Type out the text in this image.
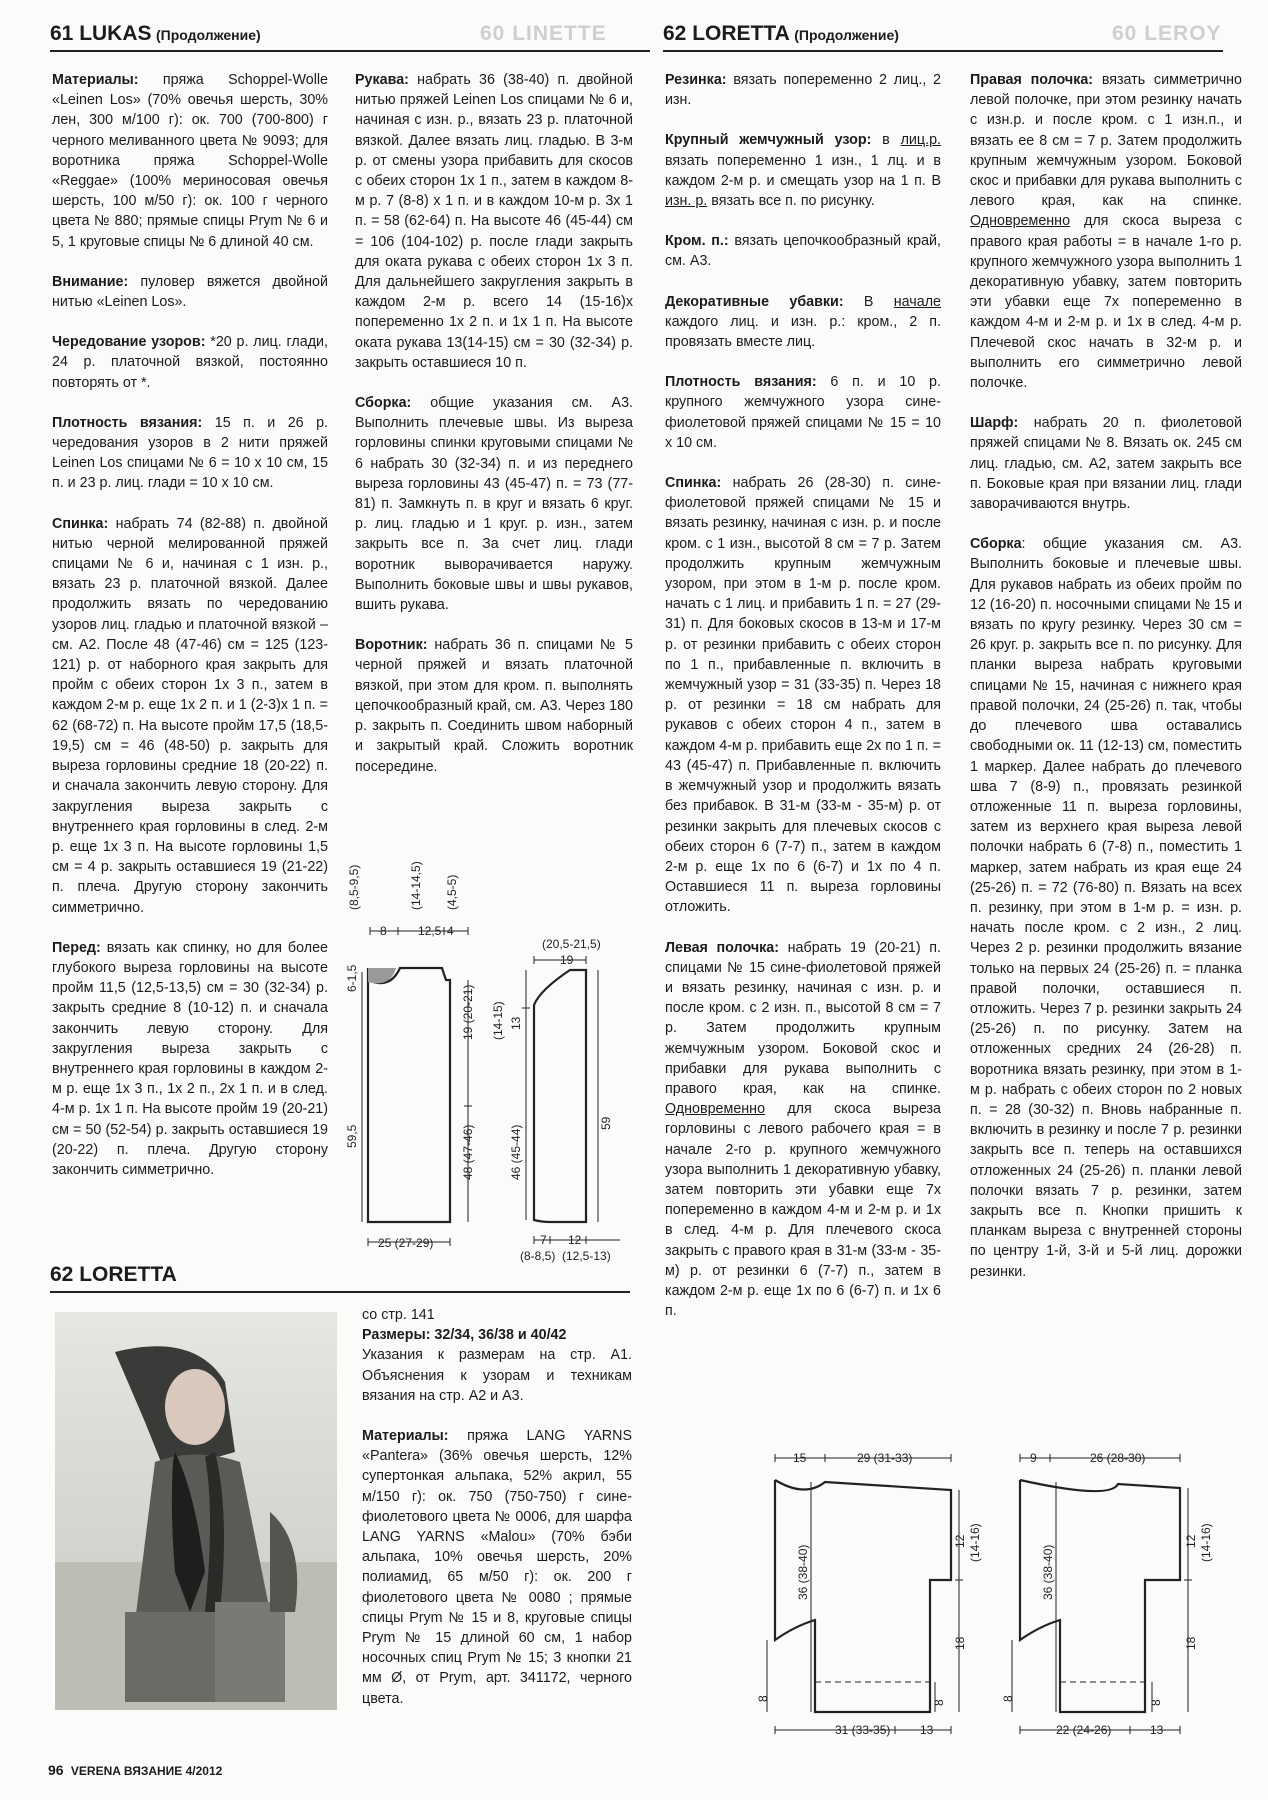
60 LINETTE	60 LEROY
61 LUKAS (Продолжение)	62 LORETTA (Продолжение)

Материалы: пряжа Schoppel-Wolle «Leinen Los» (70% овечья шерсть, 30% лен, 300 м/100 г): ок. 700 (700-800) г черного меливанного цвета № 9093; для воротника пряжа Schoppel-Wolle «Reggae» (100% мериносовая овечья шерсть, 100 м/50 г): ок. 100 г черного цвета № 880; прямые спицы Prym № 6 и 5, 1 круговые спицы № 6 длиной 40 см.

Внимание: пуловер вяжется двойной нитью «Leinen Los».

Чередование узоров: *20 р. лиц. глади, 24 р. платочной вязкой, постоянно повторять от *.

Плотность вязания: 15 п. и 26 р. чередования узоров в 2 нити пряжей Leinen Los спицами № 6 = 10 х 10 см, 15 п. и 23 р. лиц. глади = 10 х 10 см.

Спинка: набрать 74 (82-88) п. двойной нитью черной мелированной пряжей спицами № 6 и, начиная с 1 изн. р., вязать 23 р. платочной вязкой. Далее продолжить вязать по чередованию узоров лиц. гладью и платочной вязкой – см. А2. После 48 (47-46) см = 125 (123-121) р. от наборного края закрыть для пройм с обеих сторон 1х 3 п., затем в каждом 2-м р. еще 1х 2 п. и 1 (2-3)х 1 п. = 62 (68-72) п. На высоте пройм 17,5 (18,5-19,5) см = 46 (48-50) р. закрыть для выреза горловины средние 18 (20-22) п. и сначала закончить левую сторону. Для закругления выреза закрыть с внутреннего края горловины в след. 2-м р. еще 1х 3 п. На высоте горловины 1,5 см = 4 р. закрыть оставшиеся 19 (21-22) п. плеча. Другую сторону закончить симметрично.

Перед: вязать как спинку, но для более глубокого выреза горловины на высоте пройм 11,5 (12,5-13,5) см = 30 (32-34) р. закрыть средние 8 (10-12) п. и сначала закончить левую сторону. Для закругления выреза закрыть с внутреннего края горловины в каждом 2-м р. еще 1х 3 п., 1х 2 п., 2х 1 п. и в след. 4-м р. 1х 1 п. На высоте пройм 19 (20-21) см = 50 (52-54) р. закрыть оставшиеся 19 (20-22) п. плеча. Другую сторону закончить симметрично.

Рукава: набрать 36 (38-40) п. двойной нитью пряжей Leinen Los спицами № 6 и, начиная с изн. р., вязать 23 р. платочной вязкой. Далее вязать лиц. гладью. В 3-м р. от смены узора прибавить для скосов с обеих сторон 1х 1 п., затем в каждом 8-м р. 7 (8-8) х 1 п. и в каждом 10-м р. 3х 1 п. = 58 (62-64) п. На высоте 46 (45-44) см = 106 (104-102) р. после глади закрыть для оката рукава с обеих сторон 1х 3 п. Для дальнейшего закругления закрыть в каждом 2-м р. всего 14 (15-16)х попеременно 1х 2 п. и 1х 1 п. На высоте оката рукава 13(14-15) см = 30 (32-34) р. закрыть оставшиеся 10 п.

Сборка: общие указания см. А3. Выполнить плечевые швы. Из выреза горловины спинки круговыми спицами № 6 набрать 30 (32-34) п. и из переднего выреза горловины 43 (45-47) п. = 73 (77-81) п. Замкнуть п. в круг и вязать 6 круг. р. лиц. гладью и 1 круг. р. изн., затем закрыть все п. За счет лиц. глади воротник выворачивается наружу. Выполнить боковые швы и швы рукавов, вшить рукава.

Воротник: набрать 36 п. спицами № 5 черной пряжей и вязать платочной вязкой, при этом для кром. п. выполнять цепочкообразный край, см. А3. Через 180 р. закрыть п. Соединить швом наборный и закрытый край. Сложить воротник посередине.

(8,5-9,5)	(14-14,5) (4,5-5)
8	12,5 4
6-1,5
19 (20-21)
59,5	48 (47-46)
25 (27-29)
(20,5-21,5)
19
(14-15) 13
46 (45-44)
59
7 12
(8-8,5) (12,5-13)
62 LORETTA

со стр. 141

Размеры: 32/34, 36/38 и 40/42

Указания к размерам на стр. А1. Объяснения к узорам и техникам вязания на стр. А2 и А3.

Материалы: пряжа LANG YARNS «Pantera» (36% овечья шерсть, 12% супертонкая альпака, 52% акрил, 55 м/150 г): ок. 750 (750-750) г сине-фиолетового цвета № 0006, для шарфа LANG YARNS «Malou» (70% бэби альпака, 10% овечья шерсть, 20% полиамид, 65 м/50 г): ок. 200 г фиолетового цвета № 0080 ; прямые спицы Prym № 15 и 8, круговые спицы Prym № 15 длиной 60 см, 1 набор носочных спиц Prym № 15; 3 кнопки 21 мм Ø, от Prym, арт. 341172, черного цвета.

Резинка: вязать попеременно 2 лиц., 2 изн.

Крупный жемчужный узор: в лиц.р. вязать попеременно 1 изн., 1 лц. и в каждом 2-м р. и смещать узор на 1 п. В изн. р. вязать все п. по рисунку.

Кром. п.: вязать цепочкообразный край, см. А3.

Декоративные убавки: В начале каждого лиц. и изн. р.: кром., 2 п. провязать вместе лиц.

Плотность вязания: 6 п. и 10 р. крупного жемчужного узора сине-фиолетовой пряжей спицами № 15 = 10 х 10 см.

Спинка: набрать 26 (28-30) п. сине-фиолетовой пряжей спицами № 15 и вязать резинку, начиная с изн. р. и после кром. с 1 изн., высотой 8 см = 7 р. Затем продолжить крупным жемчужным узором, при этом в 1-м р. после кром. начать с 1 лиц. и прибавить 1 п. = 27 (29-31) п. Для боковых скосов в 13-м и 17-м р. от резинки прибавить с обеих сторон по 1 п., прибавленные п. включить в жемчужный узор = 31 (33-35) п. Через 18 р. от резинки = 18 см набрать для рукавов с обеих сторон 4 п., затем в каждом 4-м р. прибавить еще 2х по 1 п. = 43 (45-47) п. Прибавленные п. включить в жемчужный узор и продолжить вязать без прибавок. В 31-м (33-м - 35-м) р. от резинки закрыть для плечевых скосов с обеих сторон 6 (7-7) п., затем в каждом 2-м р. еще 1х по 6 (6-7) и 1х по 4 п. Оставшиеся 11 п. выреза горловины отложить.

Левая полочка: набрать 19 (20-21) п. спицами № 15 сине-фиолетовой пряжей и вязать резинку, начиная с изн. р. и после кром. с 2 изн. п., высотой 8 см = 7 р. Затем продолжить крупным жемчужным узором. Боковой скос и прибавки для рукава выполнить с правого края, как на спинке. Одновременно для скоса выреза горловины с левого рабочего края = в начале 2-го р. крупного жемчужного узора выполнить 1 декоративную убавку, затем повторить эти убавки еще 7х попеременно в каждом 4-м и 2-м р. и 1х в след. 4-м р. Для плечевого скоса закрыть с правого края в 31-м (33-м - 35-м) р. от резинки 6 (7-7) п., затем в каждом 2-м р. еще 1х по 6 (6-7) п. и 1х 6 п.

Правая полочка: вязать симметрично левой полочке, при этом резинку начать с изн.р. и после кром. с 1 изн.п., и вязать ее 8 см = 7 р. Затем продолжить крупным жемчужным узором. Боковой скос и прибавки для рукава выполнить с левого края, как на спинке. Одновременно для скоса выреза с правого края работы = в начале 1-го р. крупного жемчужного узора выполнить 1 декоративную убавку, затем повторить эти убавки еще 7х попеременно в каждом 4-м и 2-м р. и 1х в след. 4-м р. Плечевой скос начать в 32-м р. и выполнить его симметрично левой полочке.

Шарф: набрать 20 п. фиолетовой пряжей спицами № 8. Вязать ок. 245 см лиц. гладью, см. А2, затем закрыть все п. Боковые края при вязании лиц. глади заворачиваются внутрь.

Сборка: общие указания см. А3. Выполнить боковые и плечевые швы. Для рукавов набрать из обеих пройм по 12 (16-20) п. носочными спицами № 15 и вязать по кругу резинку. Через 30 см = 26 круг. р. закрыть все п. по рисунку. Для планки выреза набрать круговыми спицами № 15, начиная с нижнего края правой полочки, 24 (25-26) п. так, чтобы до плечевого шва оставались свободными ок. 11 (12-13) см, поместить 1 маркер. Далее набрать до плечевого шва 7 (8-9) п., провязать резинкой отложенные 11 п. выреза горловины, затем из верхнего края выреза левой полочки набрать 6 (7-8) п., поместить 1 маркер, затем набрать из края еще 24 (25-26) п. = 72 (76-80) п. Вязать на всех п. резинку, при этом в 1-м р. = изн. р. начать после кром. с 2 изн., 2 лиц. Через 2 р. резинки продолжить вязание только на первых 24 (25-26) п. = планка правой полочки, оставшиеся п. отложить. Через 7 р. резинки закрыть 24 (25-26) п. по рисунку. Затем на отложенных средних 24 (26-28) п. воротника вязать резинку, при этом в 1-м р. набрать с обеих сторон по 2 новых п. = 28 (30-32) п. Вновь набранные п. включить в резинку и после 7 р. резинки закрыть все п. теперь на оставшихся отложенных 24 (25-26) п. планки левой полочки вязать 7 р. резинки, затем закрыть все п. Кнопки пришить к планкам выреза с внутренней стороны по центру 1-й, 3-й и 5-й лиц. дорожки резинки.

15	29 (31-33)
36 (38-40)
8
12 (14-16)
18
8
31 (33-35) 13
9	26 (28-30)
36 (38-40)
8
12 (14-16)
18
8
22 (24-26)	13
96 VERENA ВЯЗАНИЕ 4/2012
